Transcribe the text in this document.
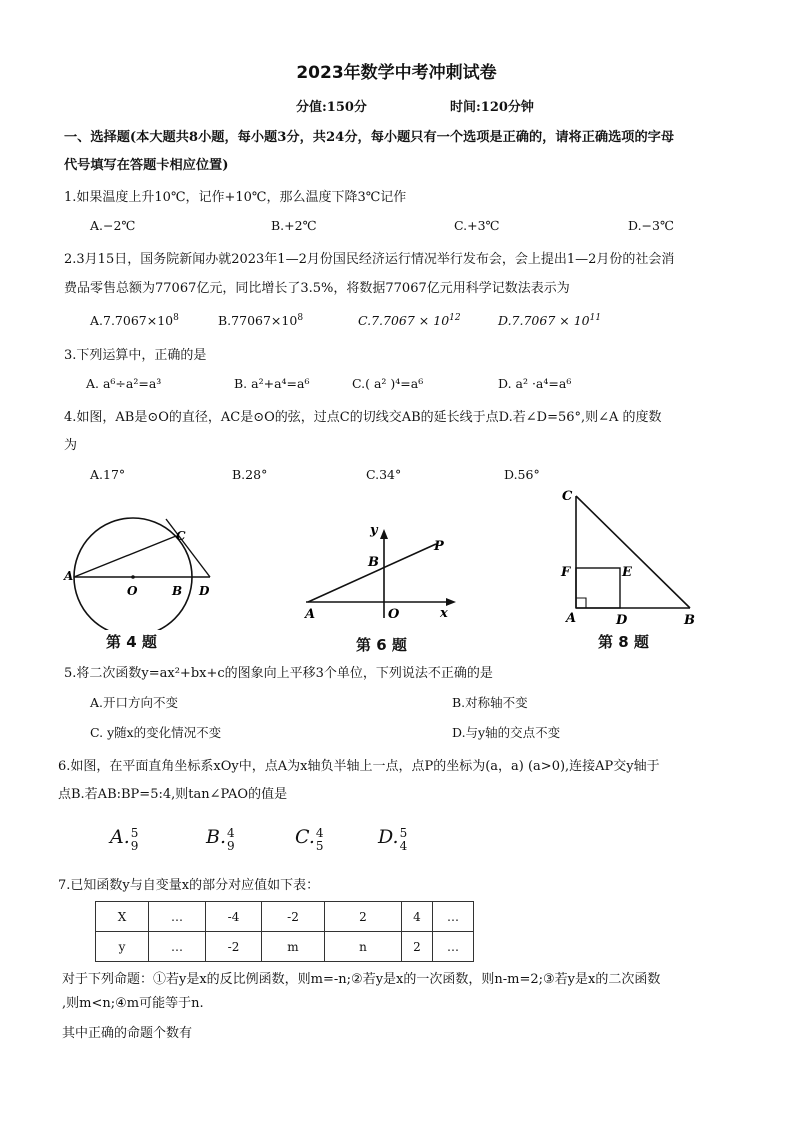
2023年数学中考冲刺试卷
分值:150分	时间:120分钟
一、选择题(本大题共8小题，每小题3分，共24分，每小题只有一个选项是正确的，请将正确选项的字母
代号填写在答题卡相应位置)
1.如果温度上升10℃，记作+10℃，那么温度下降3℃记作
A.−2℃	B.+2℃	C.+3℃	D.−3℃
2.3月15日，国务院新闻办就2023年1—2月份国民经济运行情况举行发布会，会上提出1—2月份的社会消
费品零售总额为77067亿元，同比增长了3.5%，将数据77067亿元用科学记数法表示为
$A.7.7067\times 10^8$	$B.77067\times 10^8$	$C.7.7067 \times 10^{12}$	$D.7.7067 \times 10^{11}$
3.下列运算中，正确的是
A. a⁶÷a²=a³	B. a²+a⁴=a⁶	C.( a² )⁴=a⁶	D. a² ·a⁴=a⁶
4.如图，AB是⊙O的直径，AC是⊙O的弦，过点C的切线交AB的延长线于点D.若∠D=56°,则∠A 的度数
为
A.17°	B.28°	C.34°	D.56°
A
O	B D
C
第 4 题
A	O	x
y
B
P
第 6 题
C
F	E
A	D	B
第 8 题
5.将二次函数y=ax²+bx+c的图象向上平移3个单位，下列说法不正确的是
A.开口方向不变	B.对称轴不变
C. y随x的变化情况不变	D.与y轴的交点不变
6.如图，在平面直角坐标系xOy中，点A为x轴负半轴上一点，点P的坐标为(a，a) (a>0),连接AP交y轴于
点B.若AB:BP=5:4,则tan∠PAO的值是
A. 5
9	B. 4
9	C. 4
5	D. 5
4
7.已知函数y与自变量x的部分对应值如下表：
X	…	-4	-2	2	4	…
y	…	-2	m	n	2	…
对于下列命题：①若y是x的反比例函数，则m=-n;②若y是x的一次函数，则n-m=2;③若y是x的二次函数
,则m<n;④m可能等于n.
其中正确的命题个数有
